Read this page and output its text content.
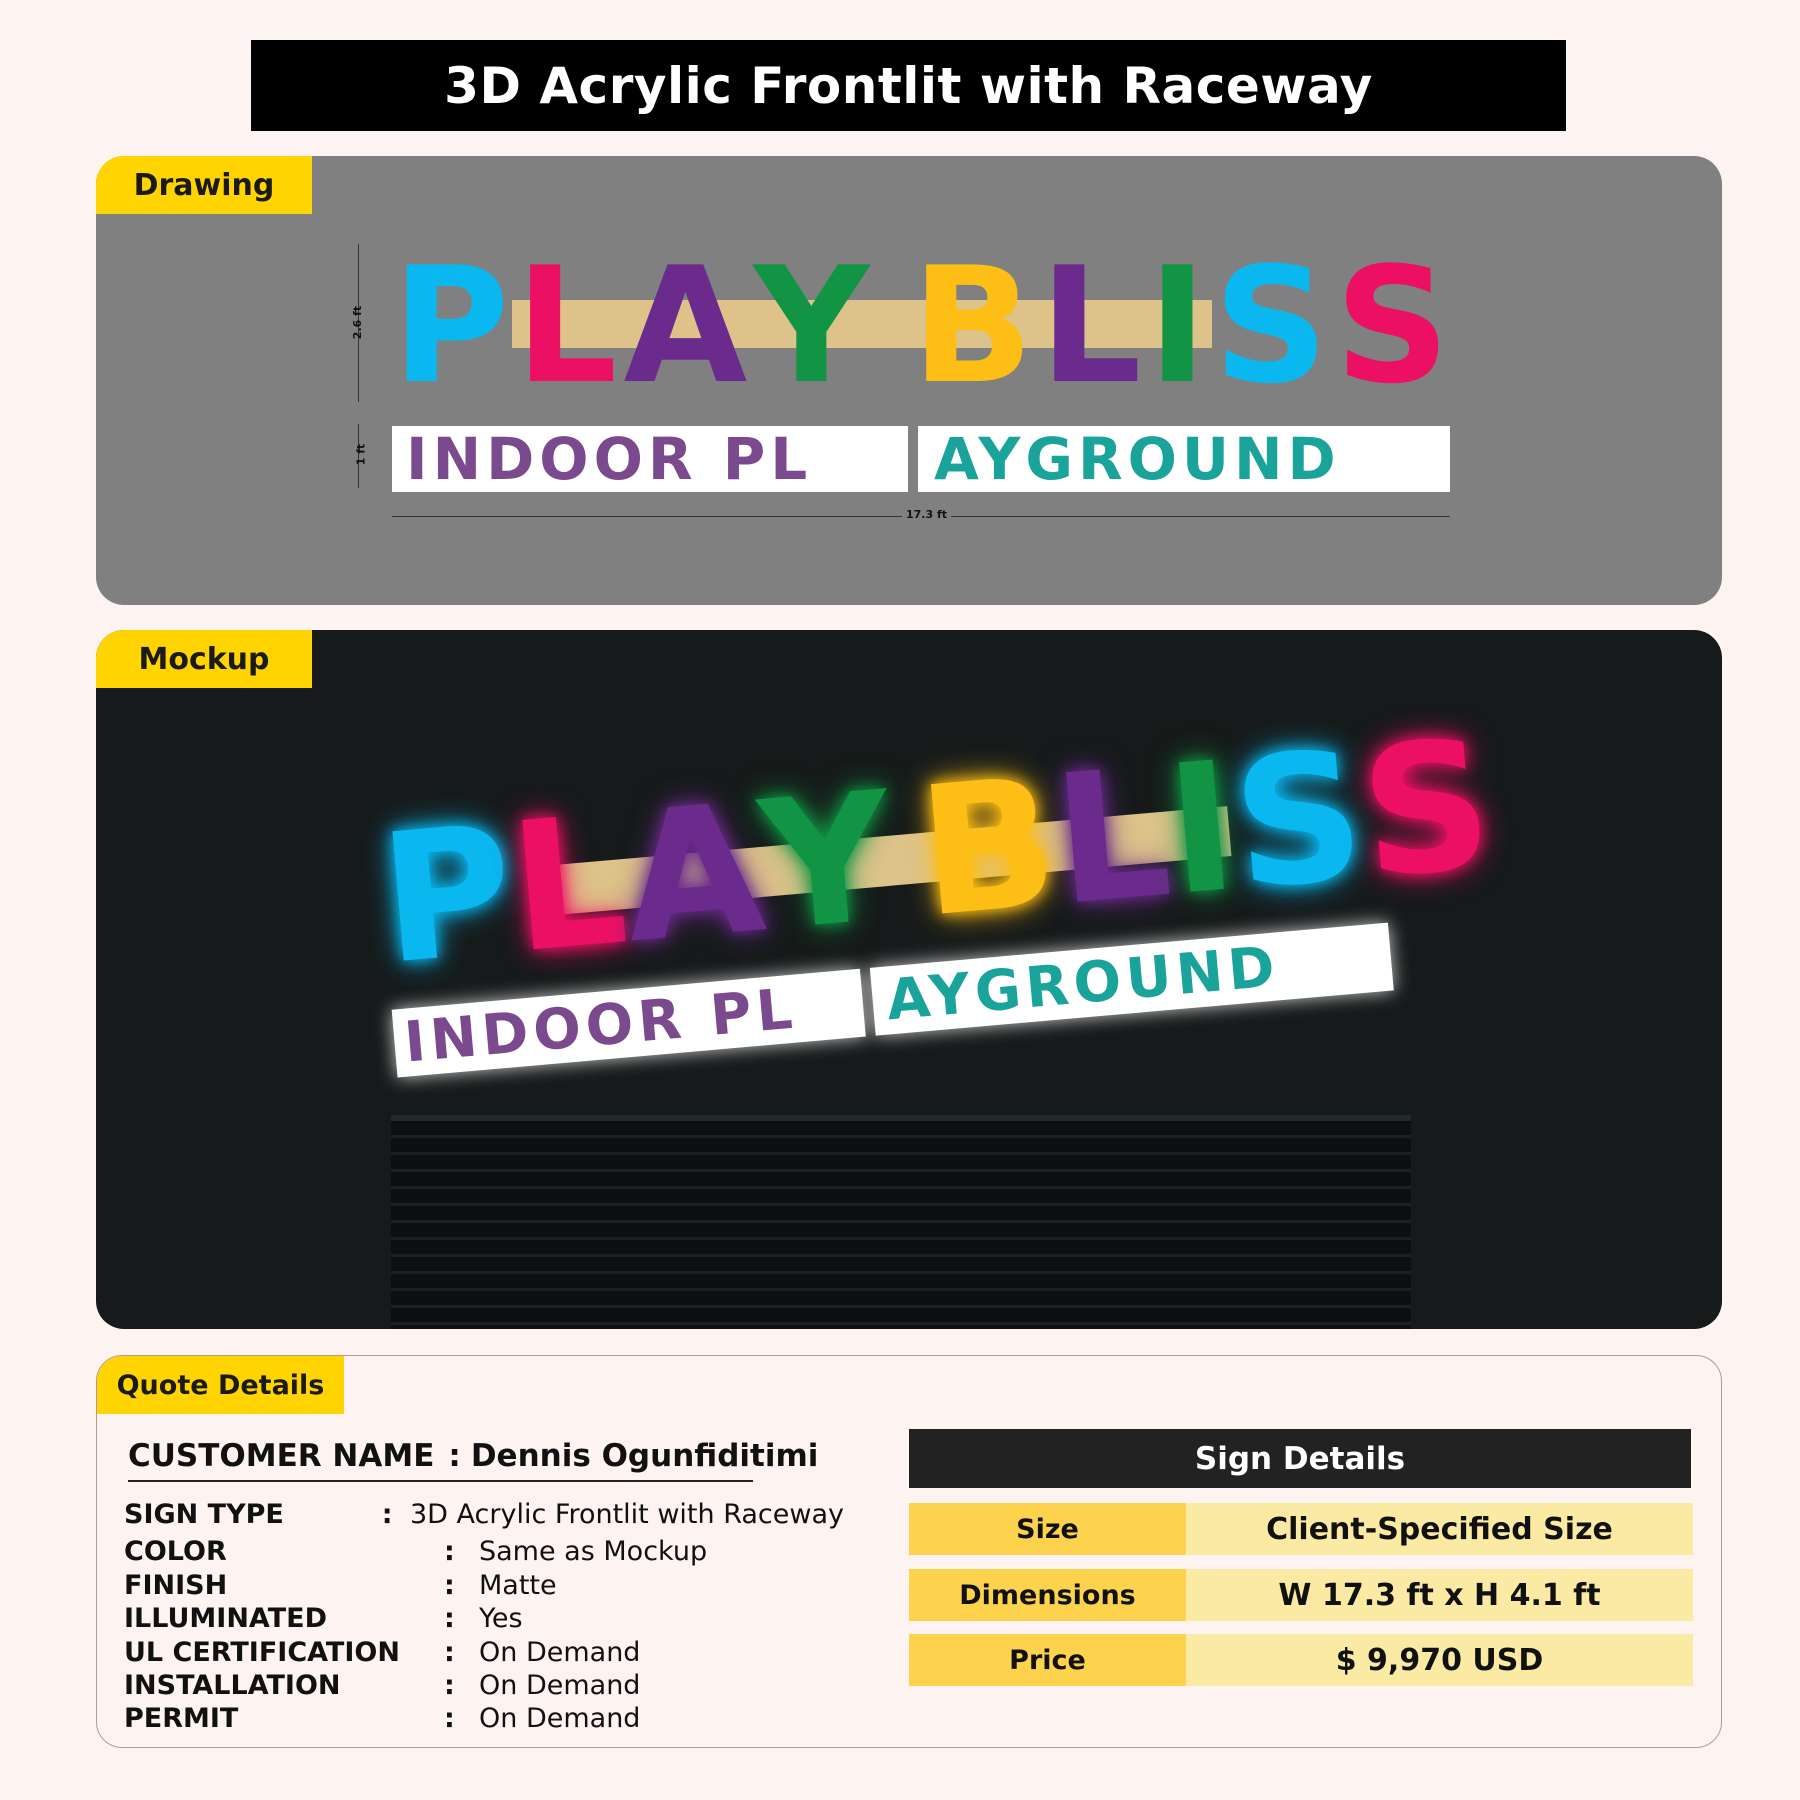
3D Acrylic Frontlit with Raceway
Drawing
2.6 ft
1 ft
17.3 ft
P L A Y
B L I S S
INDOOR PL AYGROUND
Mockup
P
L
A
Y
B
L
I
S
S
INDOOR PL AYGROUND
Quote Details
CUSTOMER NAME : Dennis Ogunfiditimi
SIGN TYPE	: 3D Acrylic Frontlit with Raceway
COLOR	: Same as Mockup
FINISH	: Matte
ILLUMINATED	: Yes
UL CERTIFICATION	: On Demand
INSTALLATION	: On Demand
PERMIT	: On Demand
Sign Details
Size	Client-Specified Size
Dimensions	W 17.3 ft x H 4.1 ft
Price	$ 9,970 USD
